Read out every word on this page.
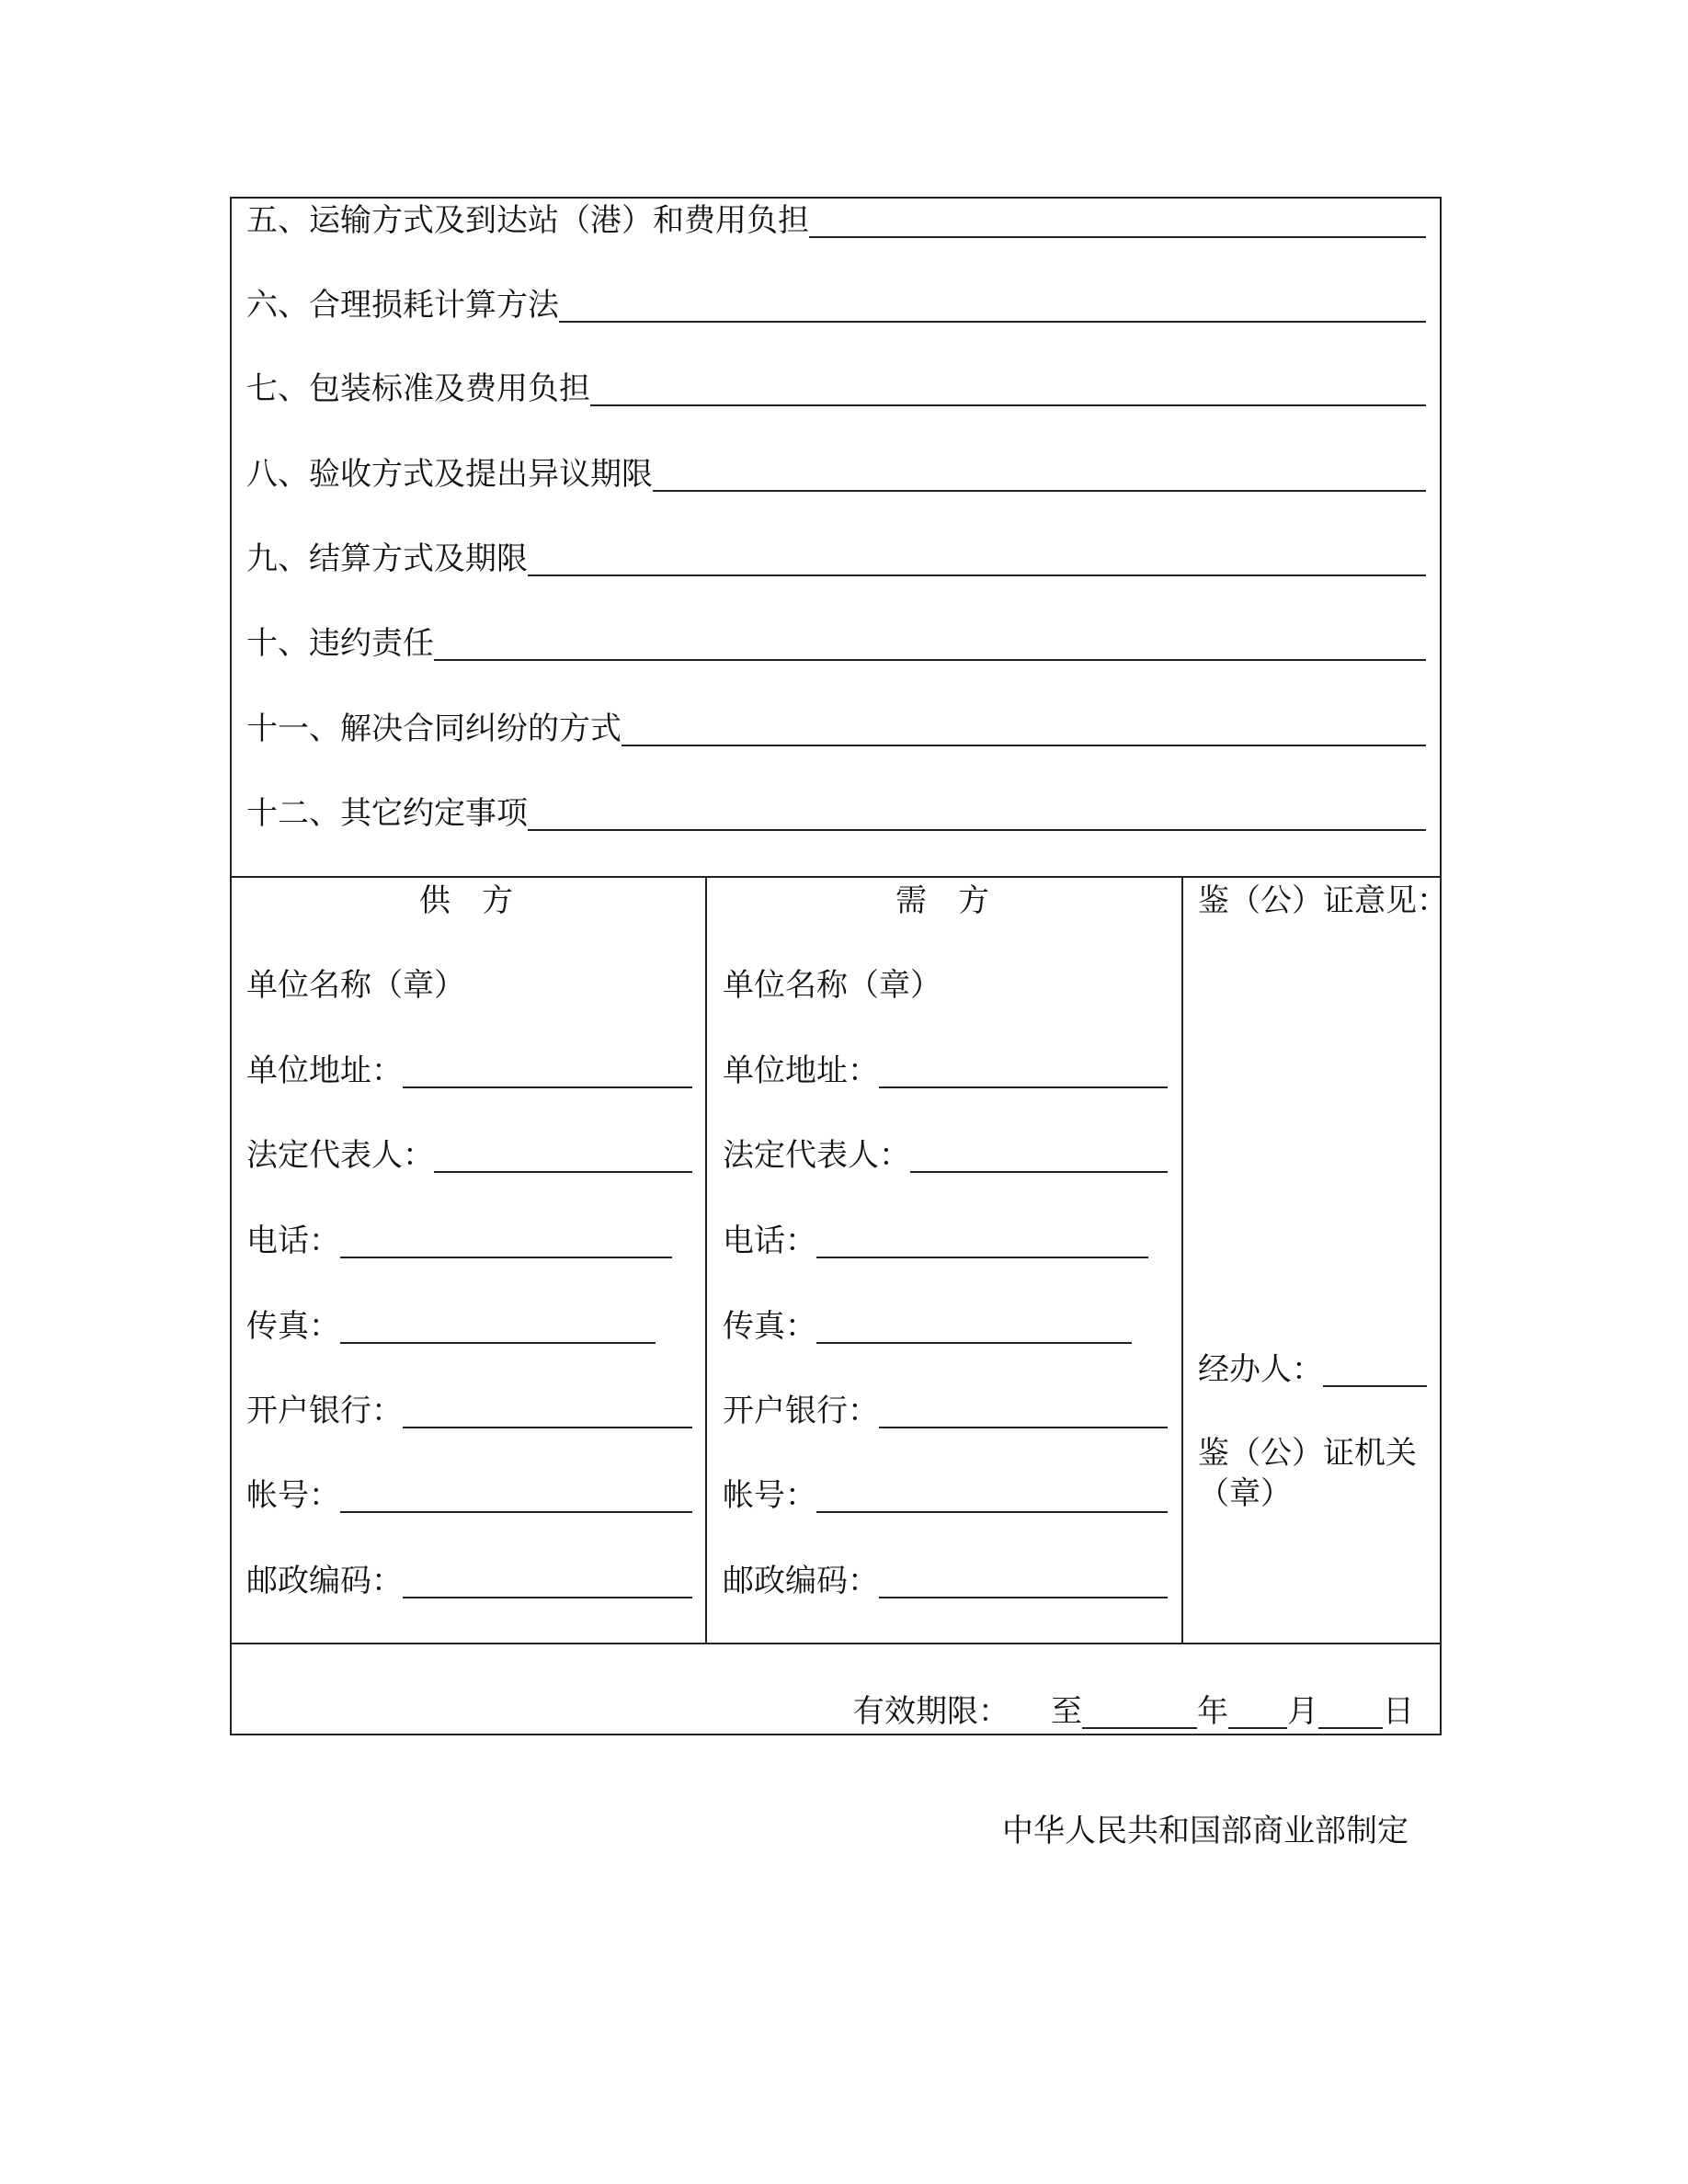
五、运输方式及到达站（港）和费用负担
六、合理损耗计算方法
七、包装标准及费用负担
八、验收方式及提出异议期限
九、结算方式及期限
十、违约责任
十一、解决合同纠纷的方式
十二、其它约定事项
供　方
单位名称（章）
单位地址：
法定代表人：
电话：
传真：
开户银行：
帐号：
邮政编码：
需　方
单位名称（章）
单位地址：
法定代表人：
电话：
传真：
开户银行：
帐号：
邮政编码：
鉴（公）证意见：
经办人：
鉴（公）证机关
（章）
有效期限： 至	年 月 日
中华人民共和国部商业部制定
